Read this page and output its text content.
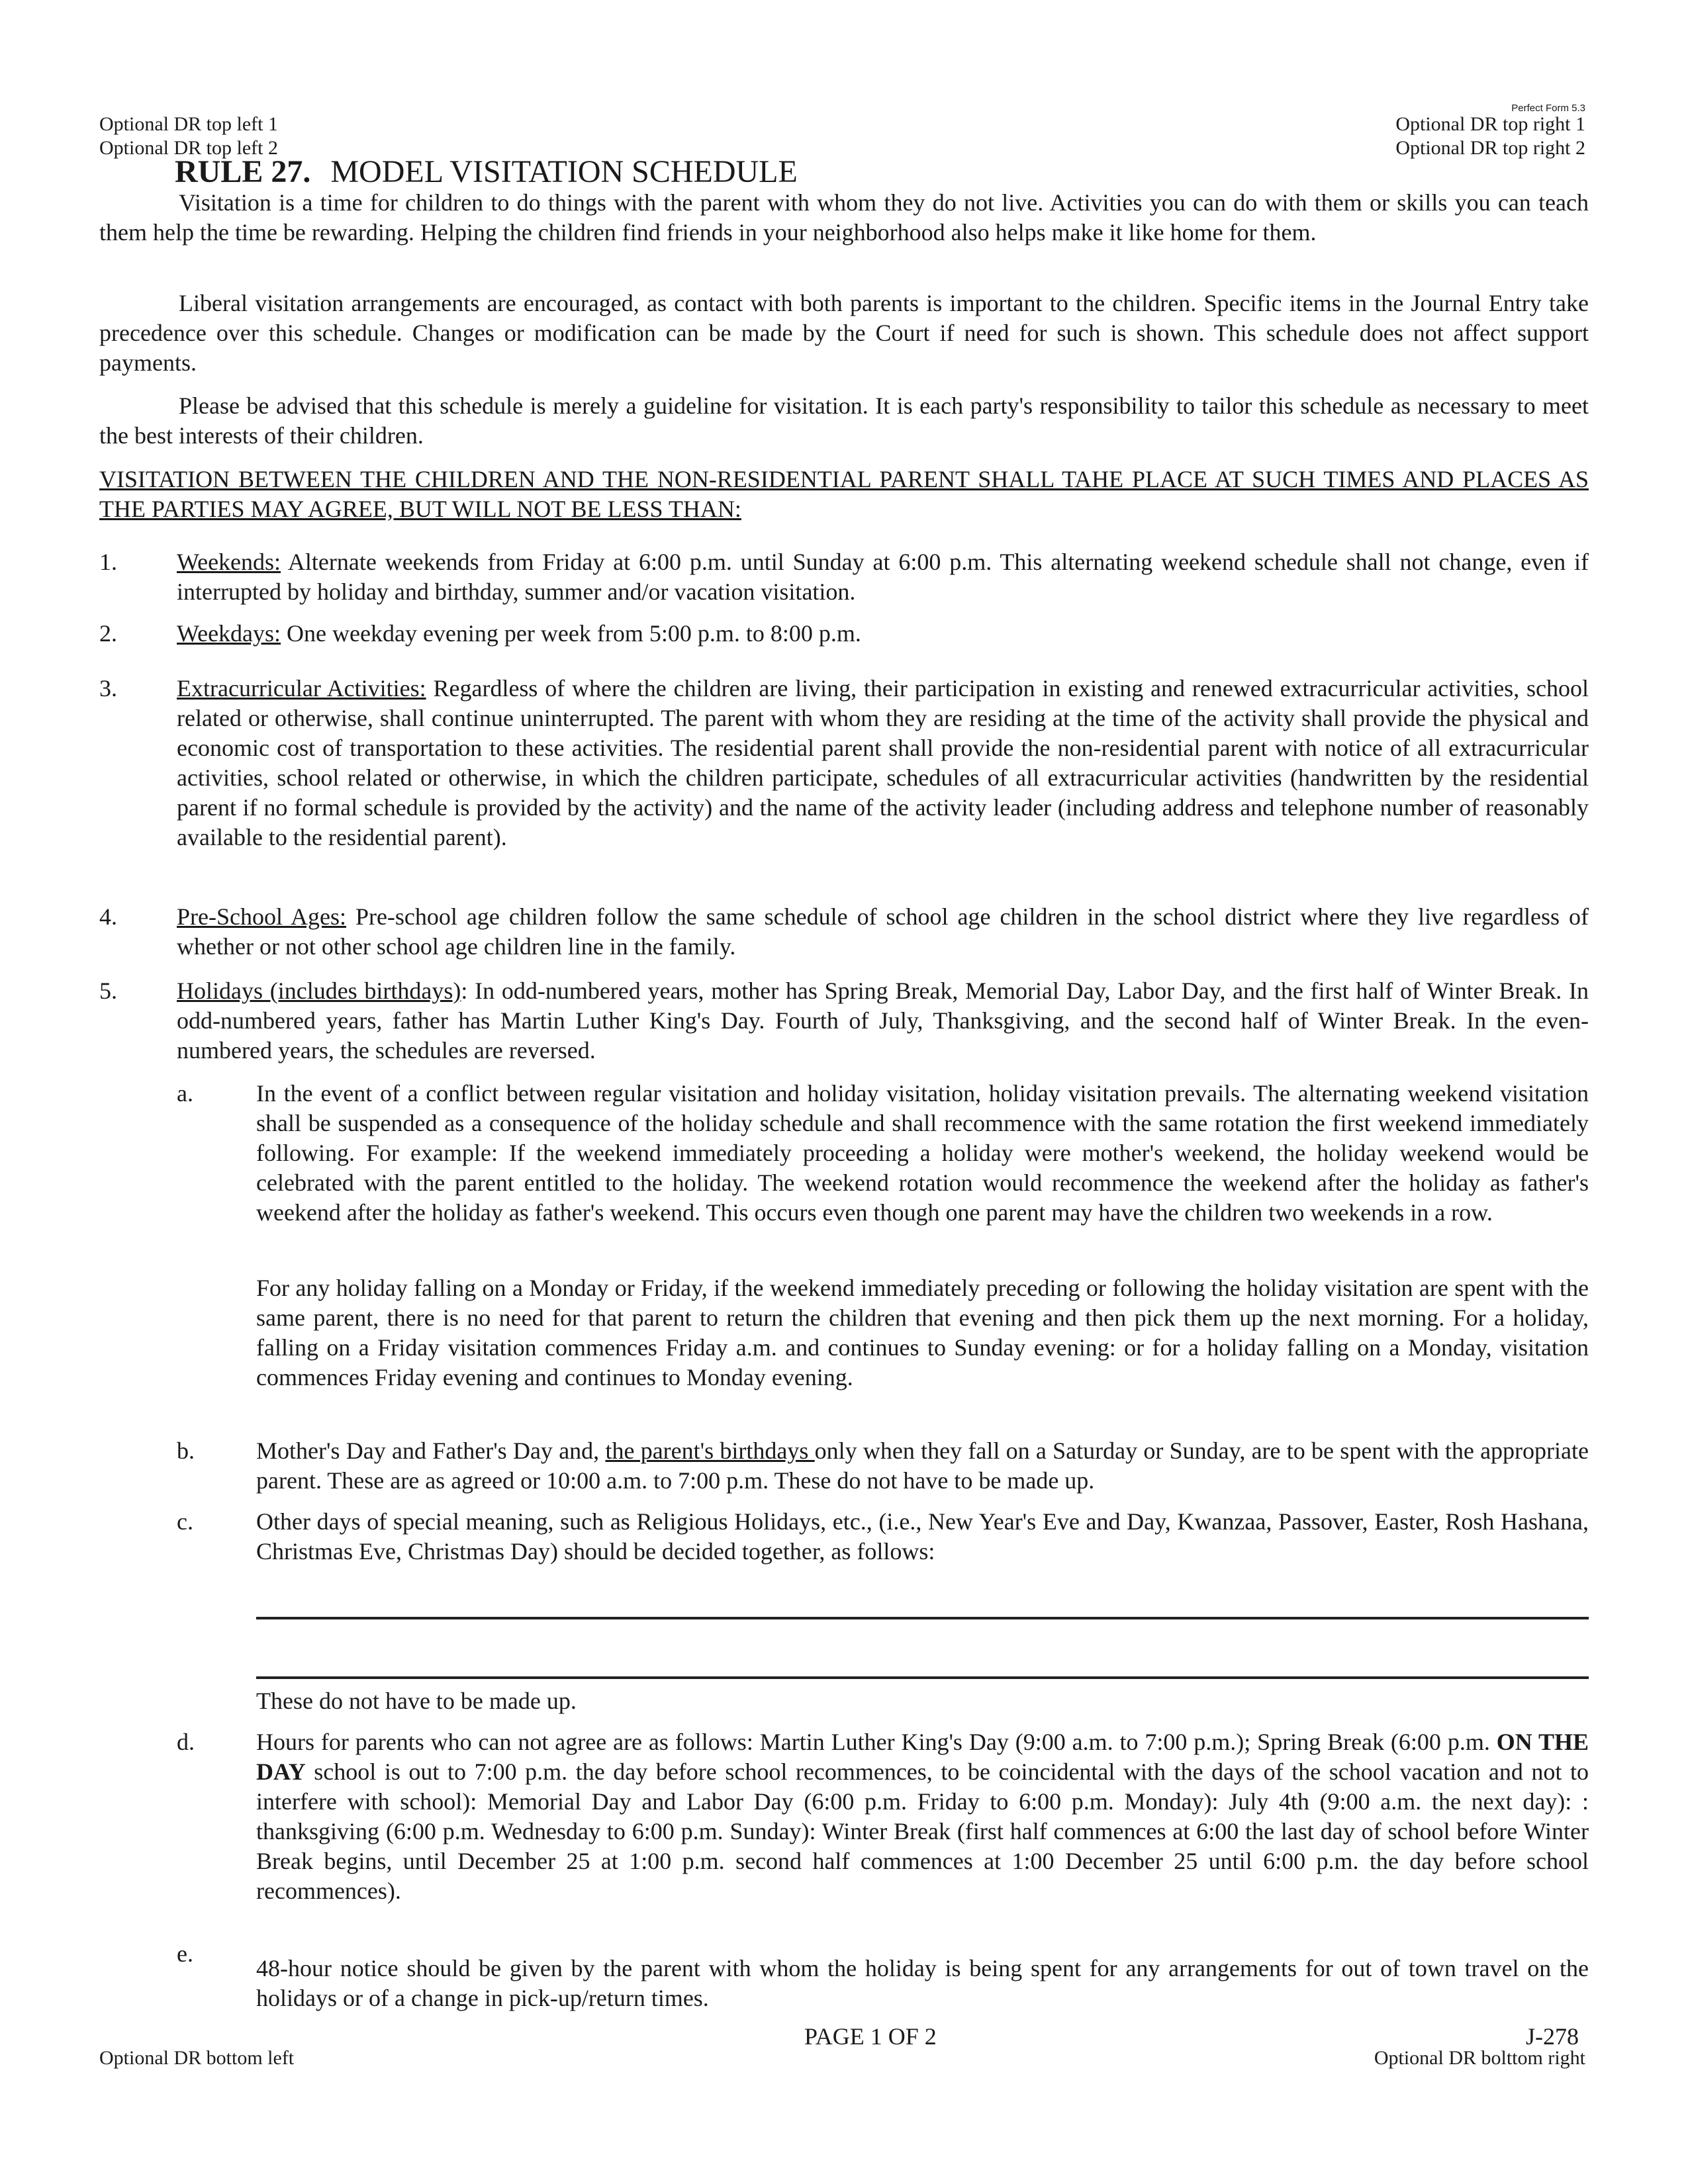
Perfect Form 5.3
Optional DR top left 1
Optional DR top left 2
Optional DR top right 1
Optional DR top right 2
RULE 27. MODEL VISITATION SCHEDULE

Visitation is a time for children to do things with the parent with whom they do not live. Activities you can do with them or skills you can teach them help the time be rewarding. Helping the children find friends in your neighborhood also helps make it like home for them.

Liberal visitation arrangements are encouraged, as contact with both parents is important to the children. Specific items in the Journal Entry take precedence over this schedule. Changes or modification can be made by the Court if need for such is shown. This schedule does not affect support payments.

Please be advised that this schedule is merely a guideline for visitation. It is each party's responsibility to tailor this schedule as necessary to meet the best interests of their children.

VISITATION BETWEEN THE CHILDREN AND THE NON-RESIDENTIAL PARENT SHALL TAHE PLACE AT SUCH TIMES AND PLACES AS THE PARTIES MAY AGREE, BUT WILL NOT BE LESS THAN:

1.	Weekends: Alternate weekends from Friday at 6:00 p.m. until Sunday at 6:00 p.m. This alternating weekend schedule shall not change, even if interrupted by holiday and birthday, summer and/or vacation visitation.

2.	Weekdays: One weekday evening per week from 5:00 p.m. to 8:00 p.m.

3.	Extracurricular Activities: Regardless of where the children are living, their participation in existing and renewed extracurricular activities, school related or otherwise, shall continue uninterrupted. The parent with whom they are residing at the time of the activity shall provide the physical and economic cost of transportation to these activities. The residential parent shall provide the non-residential parent with notice of all extracurricular activities, school related or otherwise, in which the children participate, schedules of all extracurricular activities (handwritten by the residential parent if no formal schedule is provided by the activity) and the name of the activity leader (including address and telephone number of reasonably available to the residential parent).

4.	Pre-School Ages: Pre-school age children follow the same schedule of school age children in the school district where they live regardless of whether or not other school age children line in the family.

5.	Holidays (includes birthdays): In odd-numbered years, mother has Spring Break, Memorial Day, Labor Day, and the first half of Winter Break. In odd-numbered years, father has Martin Luther King's Day. Fourth of July, Thanksgiving, and the second half of Winter Break. In the even-numbered years, the schedules are reversed.

a.	In the event of a conflict between regular visitation and holiday visitation, holiday visitation prevails. The alternating weekend visitation shall be suspended as a consequence of the holiday schedule and shall recommence with the same rotation the first weekend immediately following. For example: If the weekend immediately proceeding a holiday were mother's weekend, the holiday weekend would be celebrated with the parent entitled to the holiday. The weekend rotation would recommence the weekend after the holiday as father's weekend after the holiday as father's weekend. This occurs even though one parent may have the children two weekends in a row.

For any holiday falling on a Monday or Friday, if the weekend immediately preceding or following the holiday visitation are spent with the same parent, there is no need for that parent to return the children that evening and then pick them up the next morning. For a holiday, falling on a Friday visitation commences Friday a.m. and continues to Sunday evening: or for a holiday falling on a Monday, visitation commences Friday evening and continues to Monday evening.

b.	Mother's Day and Father's Day and, the parent's birthdays only when they fall on a Saturday or Sunday, are to be spent with the appropriate parent. These are as agreed or 10:00 a.m. to 7:00 p.m. These do not have to be made up.

c.	Other days of special meaning, such as Religious Holidays, etc., (i.e., New Year's Eve and Day, Kwanzaa, Passover, Easter, Rosh Hashana, Christmas Eve, Christmas Day) should be decided together, as follows:

These do not have to be made up.

d.	Hours for parents who can not agree are as follows: Martin Luther King's Day (9:00 a.m. to 7:00 p.m.); Spring Break (6:00 p.m. ON THE DAY school is out to 7:00 p.m. the day before school recommences, to be coincidental with the days of the school vacation and not to interfere with school): Memorial Day and Labor Day (6:00 p.m. Friday to 6:00 p.m. Monday): July 4th (9:00 a.m. the next day): : thanksgiving (6:00 p.m. Wednesday to 6:00 p.m. Sunday): Winter Break (first half commences at 6:00 the last day of school before Winter Break begins, until December 25 at 1:00 p.m. second half commences at 1:00 December 25 until 6:00 p.m. the day before school recommences).

e.

48-hour notice should be given by the parent with whom the holiday is being spent for any arrangements for out of town travel on the holidays or of a change in pick-up/return times.

PAGE 1 OF 2	J-278
Optional DR bottom left	Optional DR bolttom right
